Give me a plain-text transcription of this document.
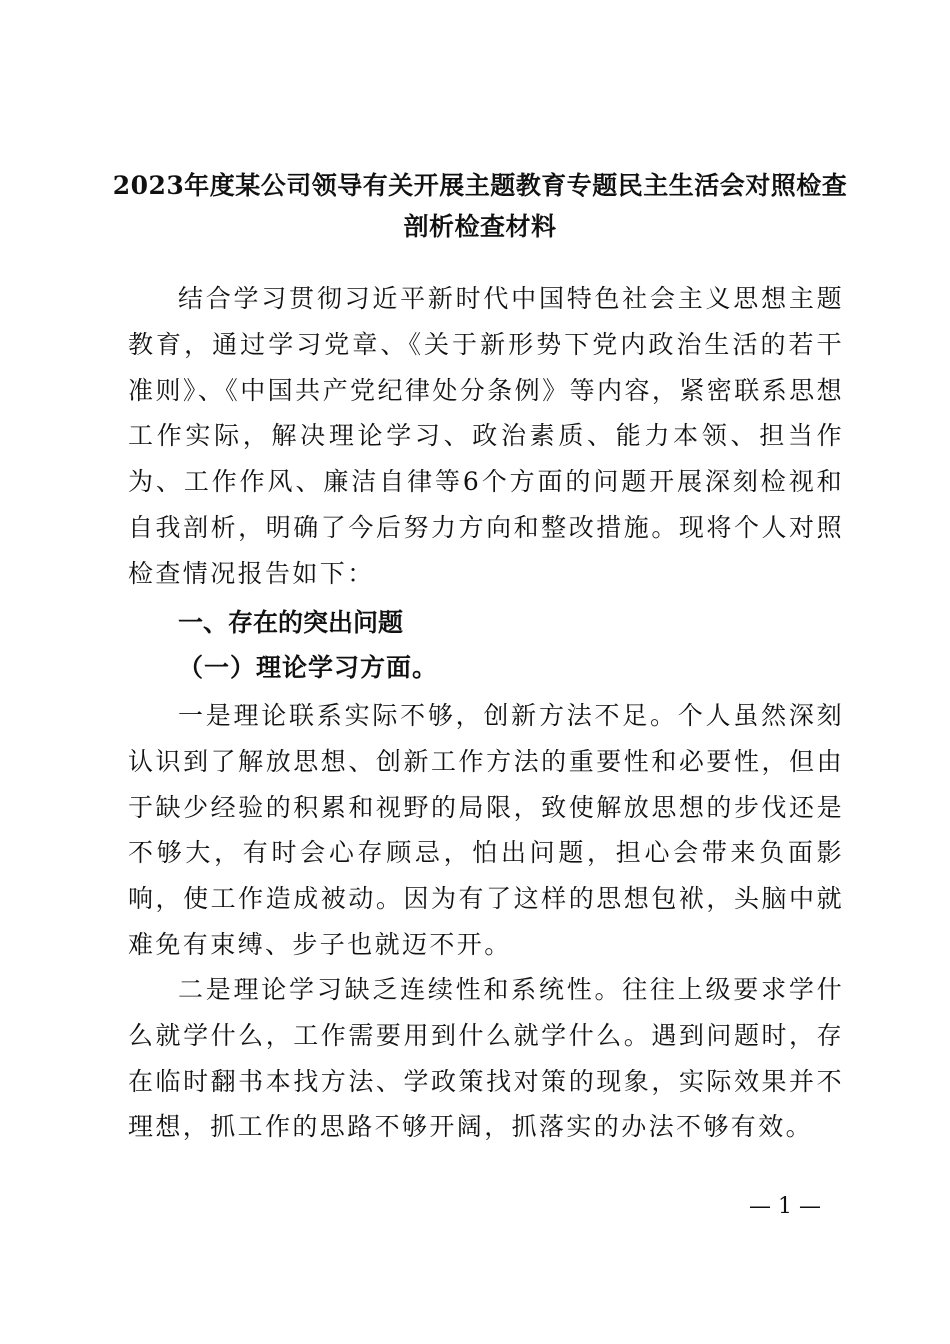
2023年度某公司领导有关开展主题教育专题民主生活会对照检查
剖析检查材料
结合学习贯彻习近平新时代中国特色社会主义思想主题教育，通过学习党章、《关于新形势下党内政治生活的若干准则》、《中国共产党纪律处分条例》等内容，紧密联系思想工作实际，解决理论学习、政治素质、能力本领、担当作为、工作作风、廉洁自律等6个方面的问题开展深刻检视和自我剖析，明确了今后努力方向和整改措施。现将个人对照检查情况报告如下：
一、存在的突出问题
（一）理论学习方面。
一是理论联系实际不够，创新方法不足。个人虽然深刻认识到了解放思想、创新工作方法的重要性和必要性，但由于缺少经验的积累和视野的局限，致使解放思想的步伐还是不够大，有时会心存顾忌，怕出问题，担心会带来负面影响，使工作造成被动。因为有了这样的思想包袱，头脑中就难免有束缚、步子也就迈不开。
二是理论学习缺乏连续性和系统性。往往上级要求学什么就学什么，工作需要用到什么就学什么。遇到问题时，存在临时翻书本找方法、学政策找对策的现象，实际效果并不理想，抓工作的思路不够开阔，抓落实的办法不够有效。
— 1 —
